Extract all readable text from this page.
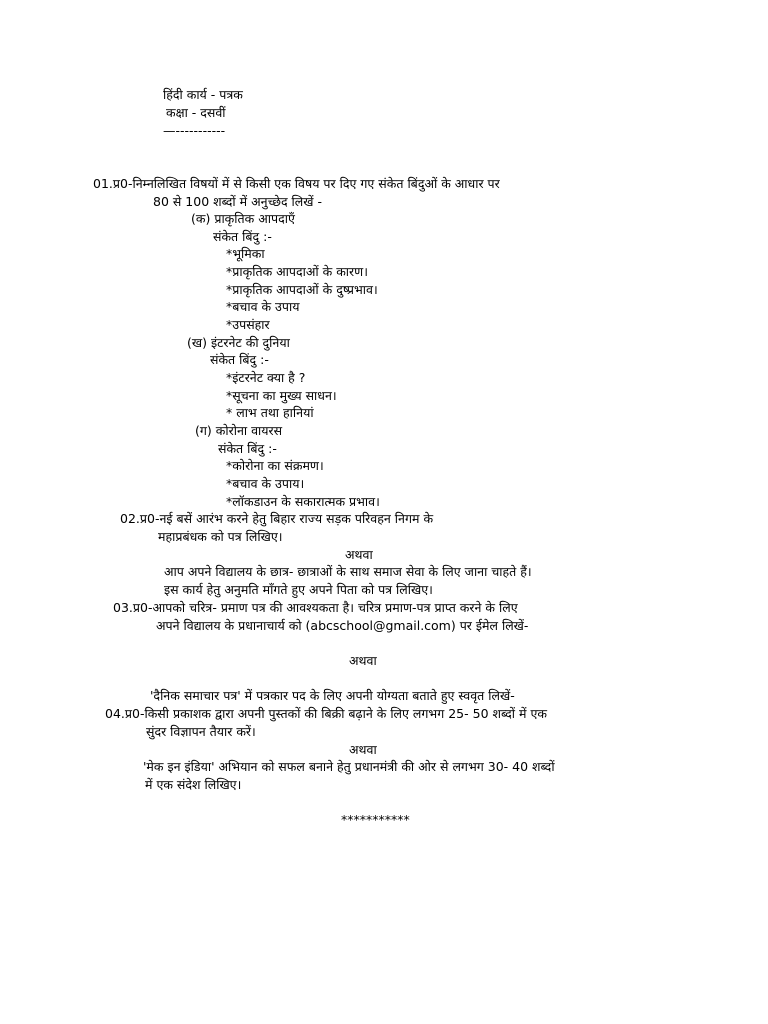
हिंदी कार्य - पत्रक
कक्षा - दसवीं
—-----------
01.प्र0-निम्नलिखित विषयों में से किसी एक विषय पर दिए गए संकेत बिंदुओं के आधार पर
80 से 100 शब्दों में अनुच्छेद लिखें -
(क) प्राकृतिक आपदाएँ
संकेत बिंदु :-
*भूमिका
*प्राकृतिक आपदाओं के कारण।
*प्राकृतिक आपदाओं के दुष्प्रभाव।
*बचाव के उपाय
*उपसंहार
(ख) इंटरनेट की दुनिया
संकेत बिंदु :-
*इंटरनेट क्या है ?
*सूचना का मुख्य साधन।
* लाभ तथा हानियां
(ग) कोरोना वायरस
संकेत बिंदु :-
*कोरोना का संक्रमण।
*बचाव के उपाय।
*लॉकडाउन के सकारात्मक प्रभाव।
02.प्र0-नई बसें आरंभ करने हेतु बिहार राज्य सड़क परिवहन निगम के
महाप्रबंधक को पत्र लिखिए।
अथवा
आप अपने विद्यालय के छात्र- छात्राओं के साथ समाज सेवा के लिए जाना चाहते हैं।
इस कार्य हेतु अनुमति माँगते हुए अपने पिता को पत्र लिखिए।
03.प्र0-आपको चरित्र- प्रमाण पत्र की आवश्यकता है। चरित्र प्रमाण-पत्र प्राप्त करने के लिए
अपने विद्यालय के प्रधानाचार्य को (abcschool@gmail.com) पर ईमेल लिखें-
अथवा
'दैनिक समाचार पत्र' में पत्रकार पद के लिए अपनी योग्यता बताते हुए स्ववृत लिखें-
04.प्र0-किसी प्रकाशक द्वारा अपनी पुस्तकों की बिक्री बढ़ाने के लिए लगभग 25- 50 शब्दों में एक
सुंदर विज्ञापन तैयार करें।
अथवा
'मेक इन इंडिया' अभियान को सफल बनाने हेतु प्रधानमंत्री की ओर से लगभग 30- 40 शब्दों
में एक संदेश लिखिए।
***********
